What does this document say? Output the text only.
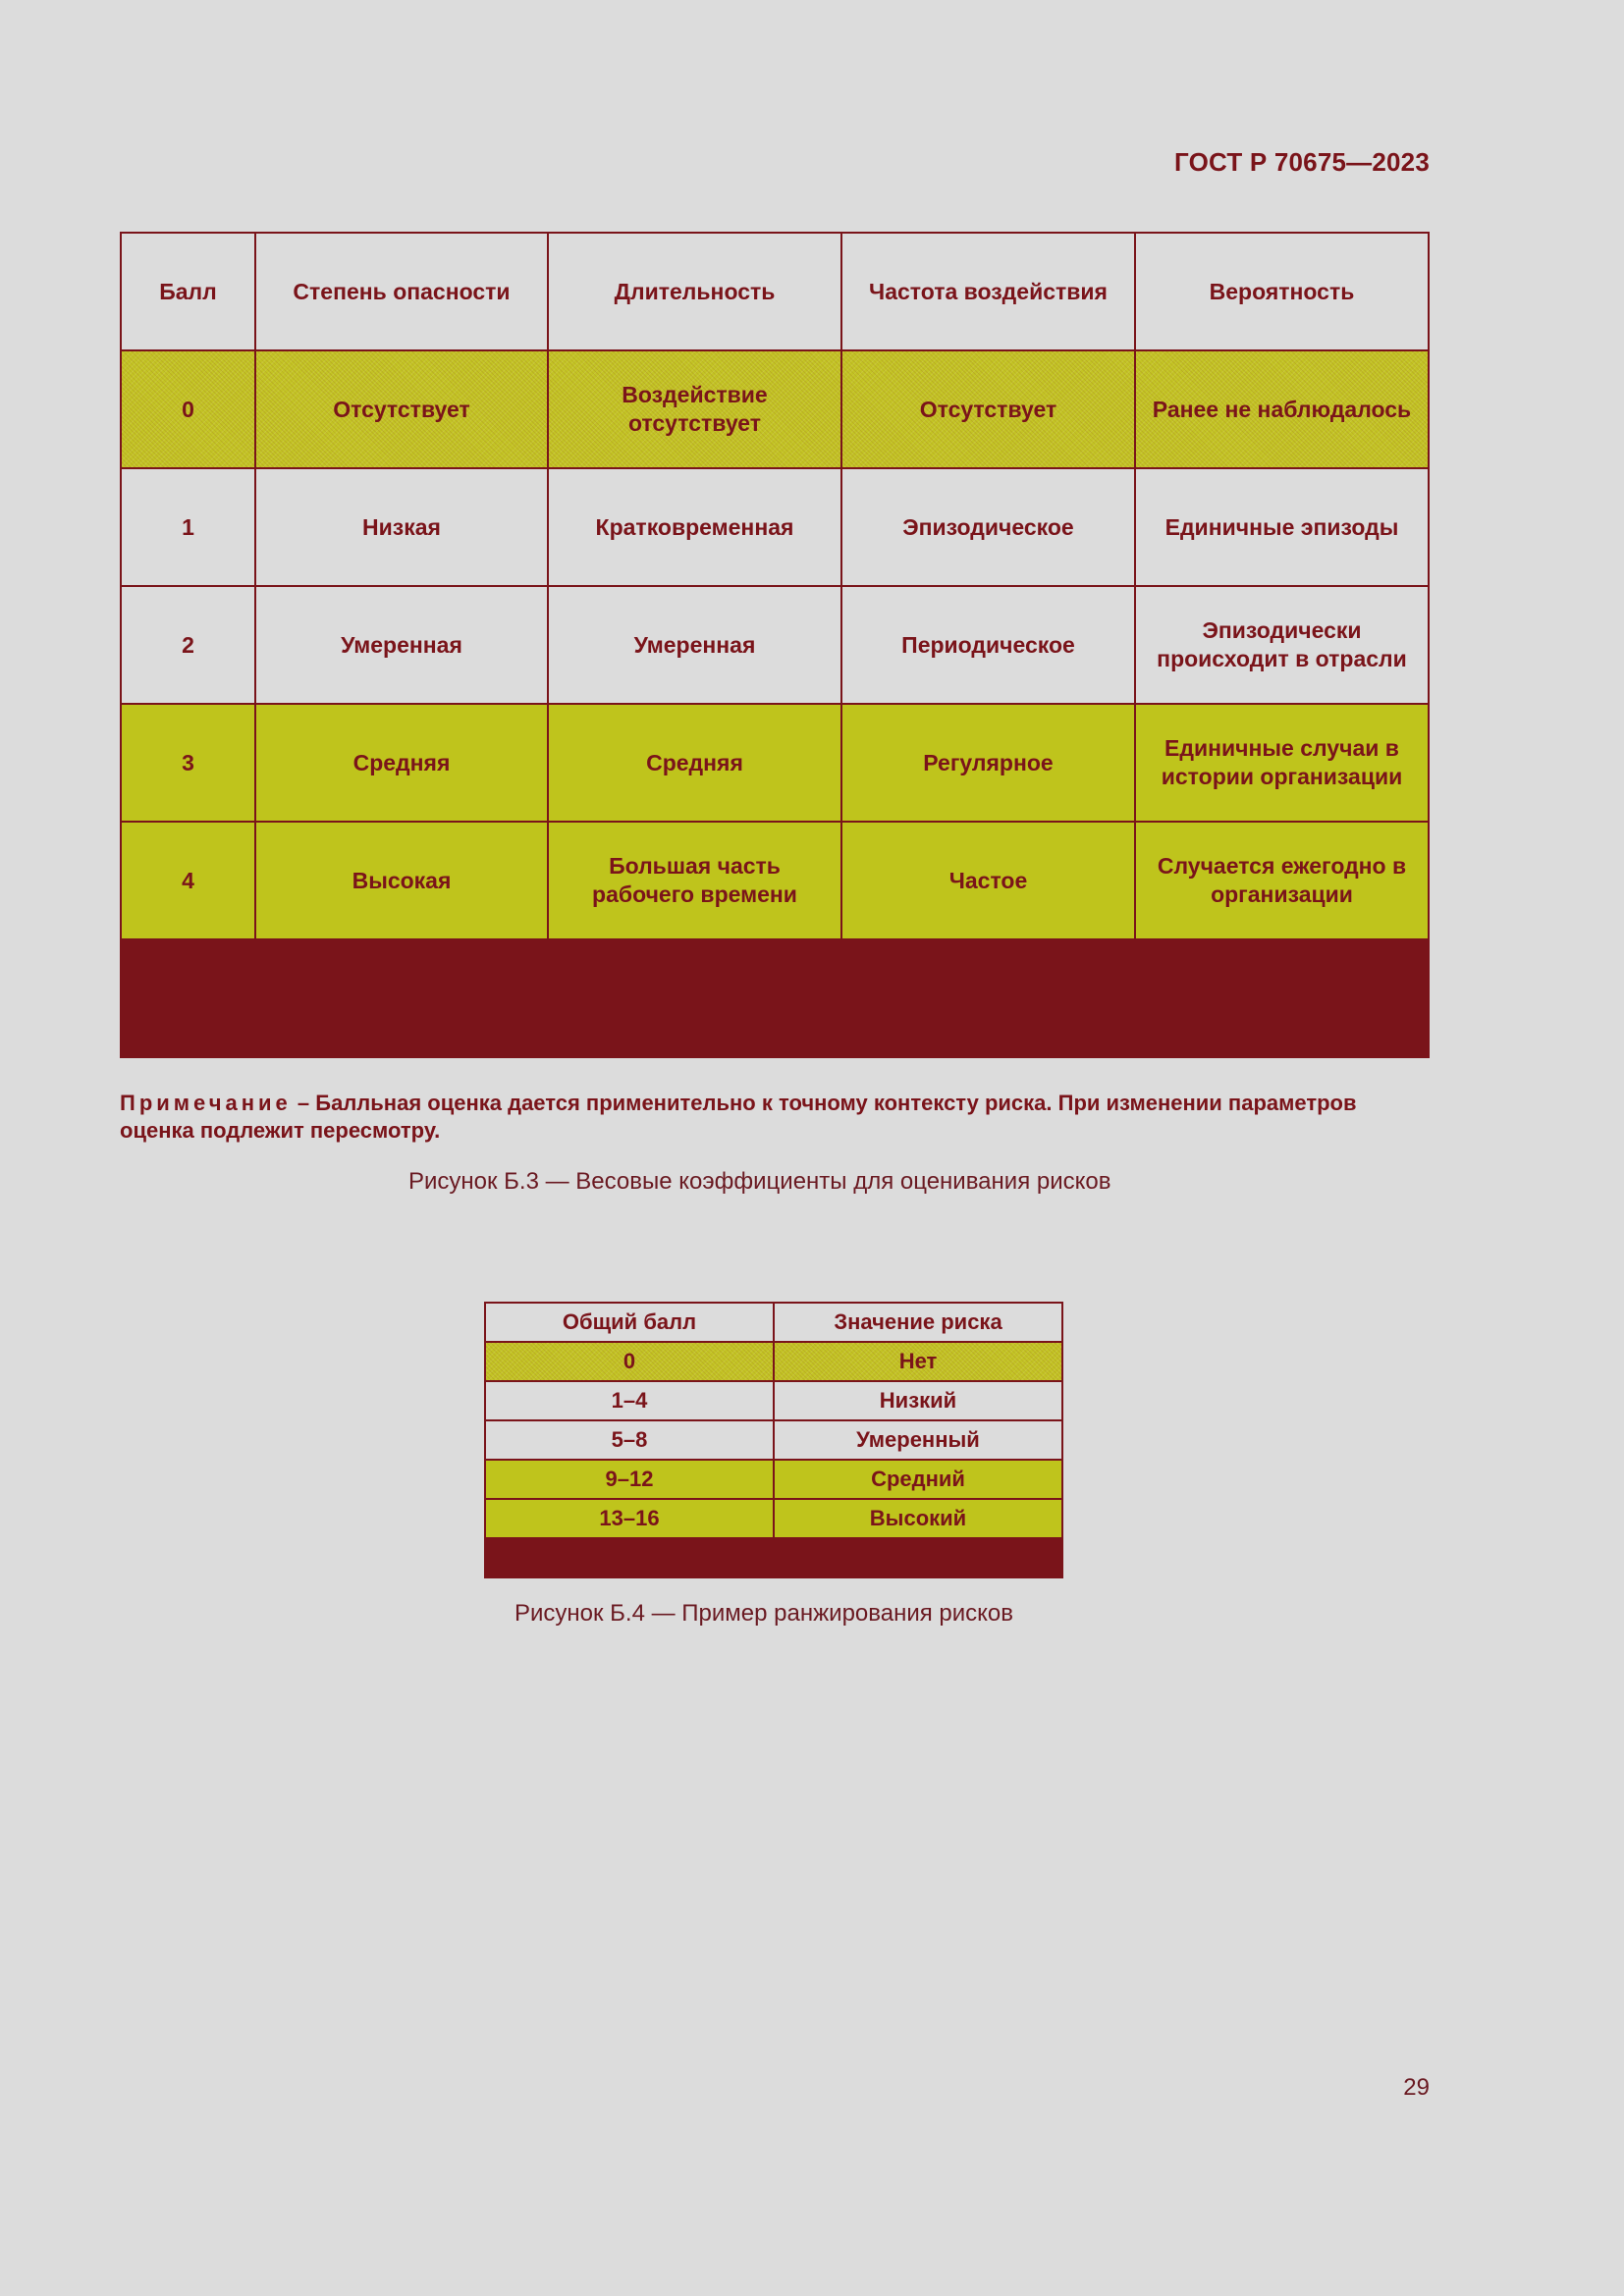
ГОСТ Р 70675—2023
Балл	Степень опасности	Длительность	Частота воздействия	Вероятность
0	Отсутствует	Воздействие отсутствует	Отсутствует	Ранее не наблюдалось
1	Низкая	Кратковременная	Эпизодическое	Единичные эпизоды
2	Умеренная	Умеренная	Периодическое	Эпизодически происходит в отрасли
3	Средняя	Средняя	Регулярное	Единичные случаи в истории организации
4	Высокая	Большая часть рабочего времени	Частое	Случается ежегодно в организации

Примечание – Балльная оценка дается применительно к точному контексту риска. При изменении параметров оценка подлежит пересмотру.
Рисунок Б.3 — Весовые коэффициенты для оценивания рисков
Общий балл	Значение риска
0	Нет
1–4	Низкий
5–8	Умеренный
9–12	Средний
13–16	Высокий

Рисунок Б.4 — Пример ранжирования рисков
29
